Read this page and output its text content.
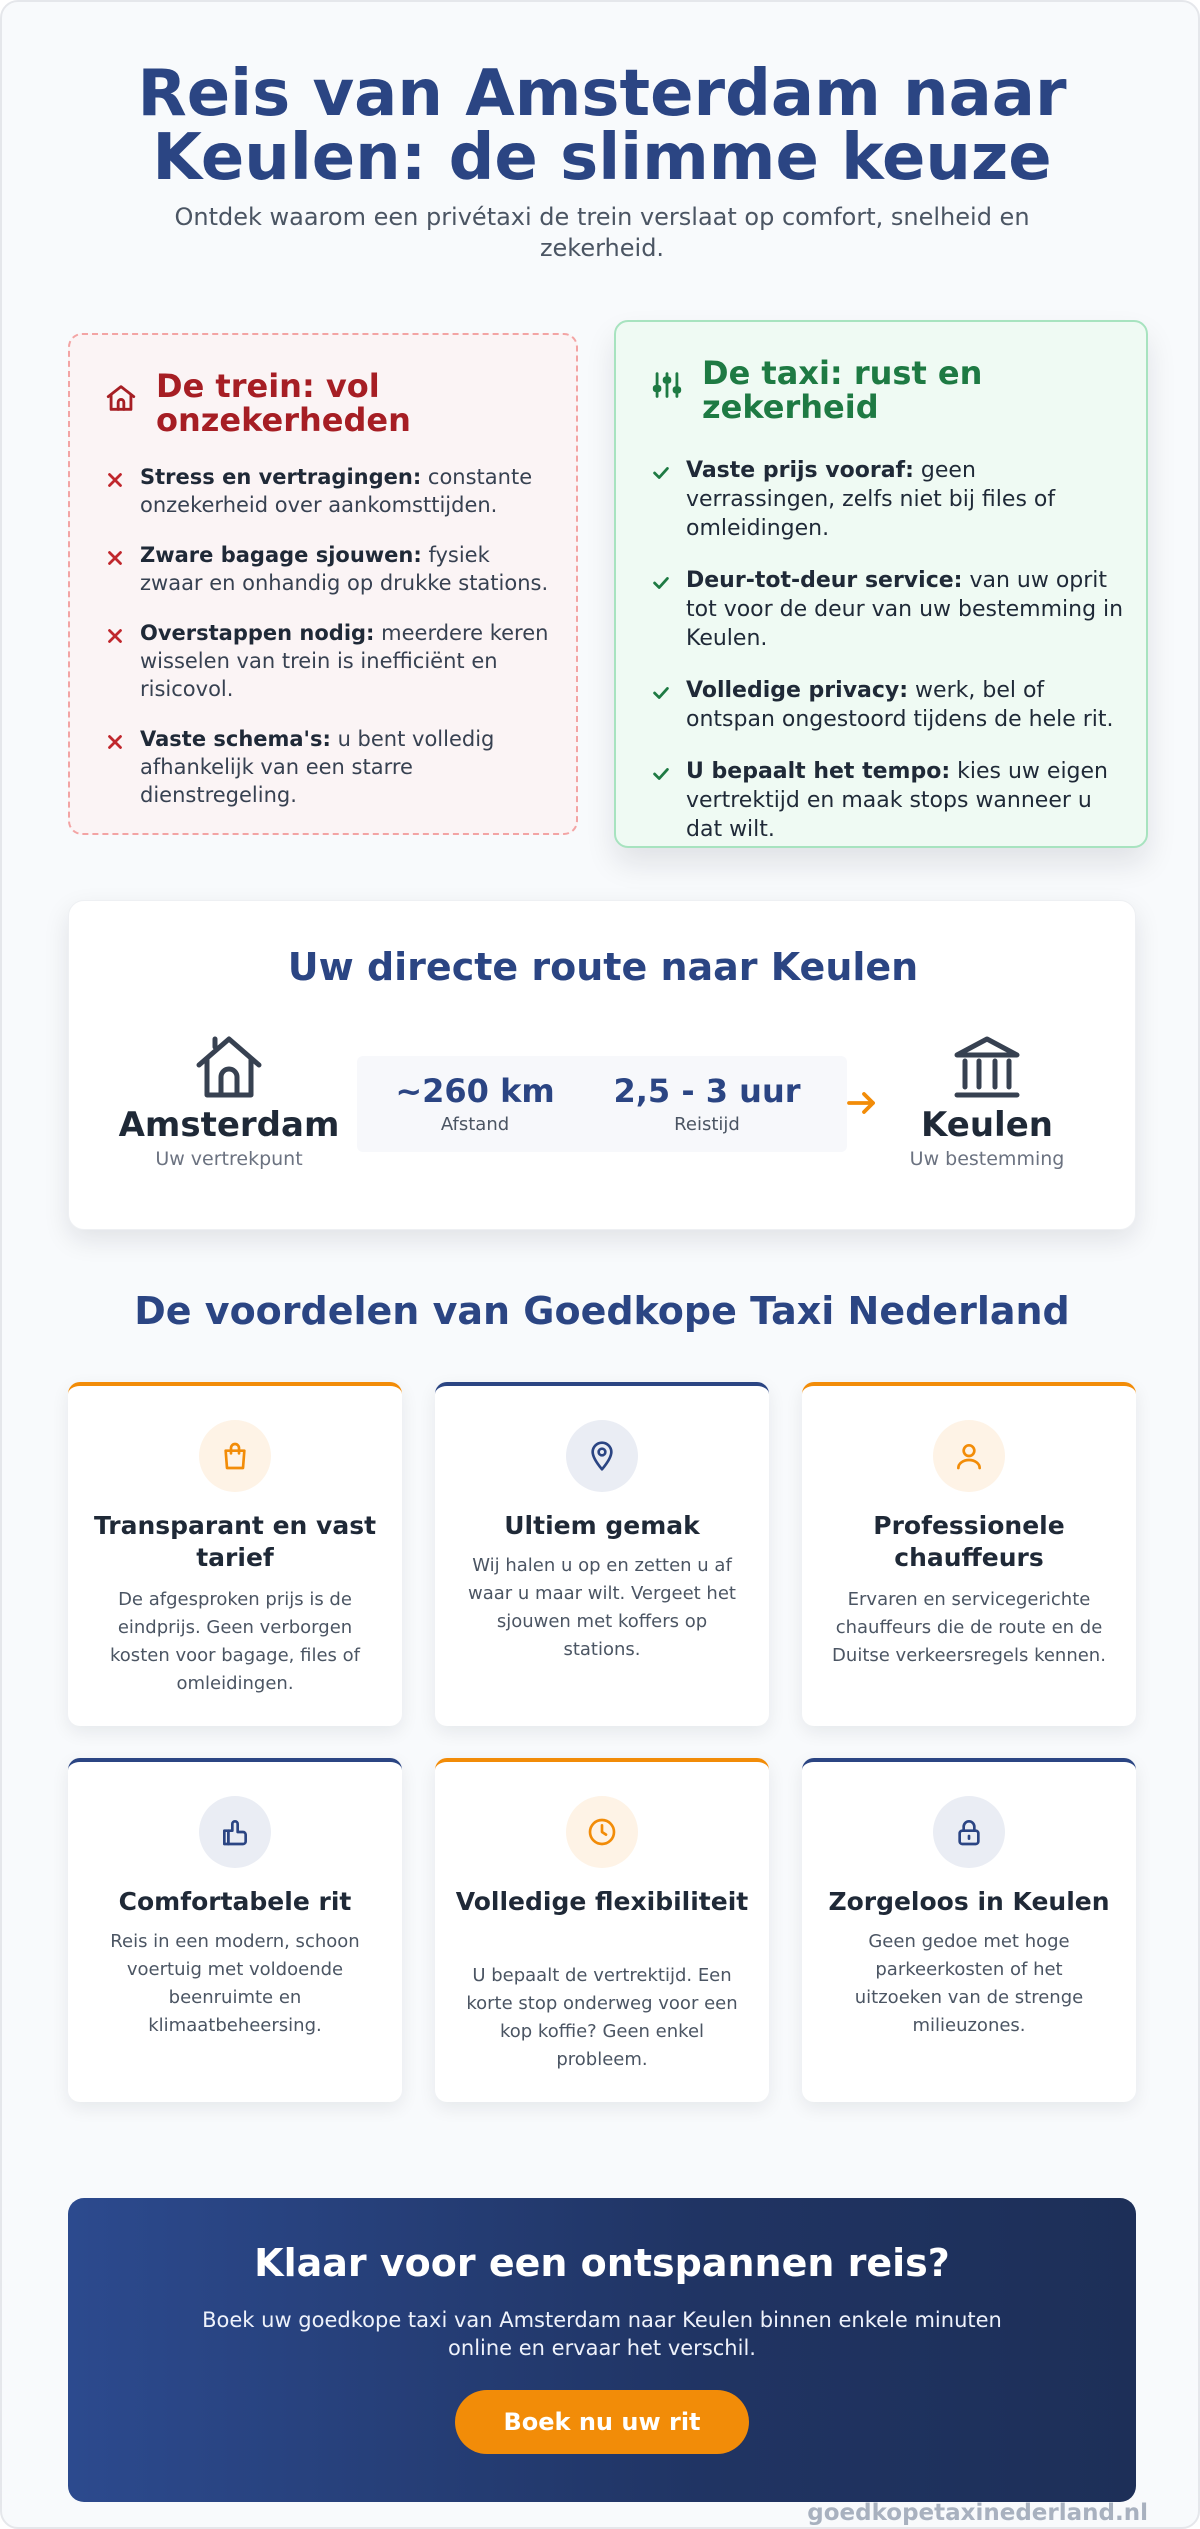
Reis van Amsterdam naar Keulen: de slimme keuze

Ontdek waarom een privétaxi de trein verslaat op comfort, snelheid en zekerheid.

De trein: vol onzekerheden
Stress en vertragingen: constante onzekerheid over aankomsttijden.
Zware bagage sjouwen: fysiek zwaar en onhandig op drukke stations.
Overstappen nodig: meerdere keren wisselen van trein is inefficiënt en risicovol.
Vaste schema's: u bent volledig afhankelijk van een starre dienstregeling.
De taxi: rust en zekerheid
Vaste prijs vooraf: geen verrassingen, zelfs niet bij files of omleidingen.
Deur-tot-deur service: van uw oprit tot voor de deur van uw bestemming in Keulen.
Volledige privacy: werk, bel of ontspan ongestoord tijdens de hele rit.
U bepaalt het tempo: kies uw eigen vertrektijd en maak stops wanneer u dat wilt.
Uw directe route naar Keulen
Amsterdam
Uw vertrekpunt
~260 km
Afstand
2,5 - 3 uur
Reistijd	Keulen
Uw bestemming
De voordelen van Goedkope Taxi Nederland
Transparant en vast tarief

De afgesproken prijs is de eindprijs. Geen verborgen kosten voor bagage, files of omleidingen.

Ultiem gemak

Wij halen u op en zetten u af waar u maar wilt. Vergeet het sjouwen met koffers op stations.

Professionele chauffeurs

Ervaren en servicegerichte chauffeurs die de route en de Duitse verkeersregels kennen.

Comfortabele rit

Reis in een modern, schoon voertuig met voldoende beenruimte en klimaatbeheersing.

Volledige flexibiliteit

U bepaalt de vertrektijd. Een korte stop onderweg voor een kop koffie? Geen enkel probleem.

Zorgeloos in Keulen

Geen gedoe met hoge parkeerkosten of het uitzoeken van de strenge milieuzones.

Klaar voor een ontspannen reis?

Boek uw goedkope taxi van Amsterdam naar Keulen binnen enkele minuten online en ervaar het verschil.

Boek nu uw rit
goedkopetaxinederland.nl
